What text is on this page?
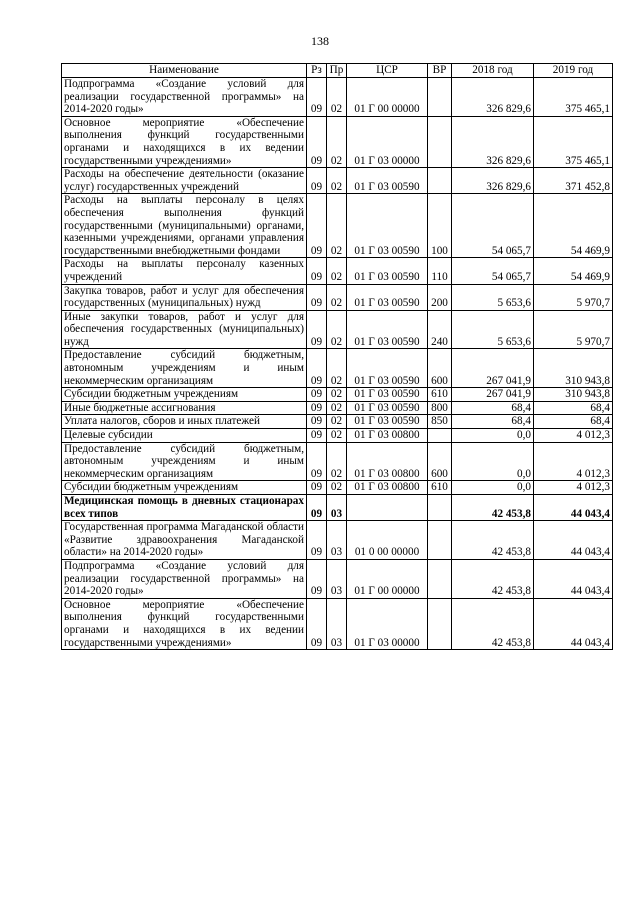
138
Наименование	Рз	Пр	ЦСР	ВР	2018 год	2019 год
Подпрограмма «Создание условий для реализации государственной программы» на 2014-2020 годы»	09	02	01 Г 00 00000		326 829,6	375 465,1
Основное мероприятие «Обеспечение выполнения функций государственными органами и находящихся в их ведении государственными учреждениями»	09	02	01 Г 03 00000		326 829,6	375 465,1
Расходы на обеспечение деятельности (оказание услуг) государственных учреждений	09	02	01 Г 03 00590		326 829,6	371 452,8
Расходы на выплаты персоналу в целях обеспечения выполнения функций государственными (муниципальными) органами, казенными учреждениями, органами управления государственными внебюджетными фондами	09	02	01 Г 03 00590	100	54 065,7	54 469,9
Расходы на выплаты персоналу казенных учреждений	09	02	01 Г 03 00590	110	54 065,7	54 469,9
Закупка товаров, работ и услуг для обеспечения государственных (муниципальных) нужд	09	02	01 Г 03 00590	200	5 653,6	5 970,7
Иные закупки товаров, работ и услуг для обеспечения государственных (муниципальных) нужд	09	02	01 Г 03 00590	240	5 653,6	5 970,7
Предоставление субсидий бюджетным, автономным учреждениям и иным некоммерческим организациям	09	02	01 Г 03 00590	600	267 041,9	310 943,8
Субсидии бюджетным учреждениям	09	02	01 Г 03 00590	610	267 041,9	310 943,8
Иные бюджетные ассигнования	09	02	01 Г 03 00590	800	68,4	68,4
Уплата налогов, сборов и иных платежей	09	02	01 Г 03 00590	850	68,4	68,4
Целевые субсидии	09	02	01 Г 03 00800		0,0	4 012,3
Предоставление субсидий бюджетным, автономным учреждениям и иным некоммерческим организациям	09	02	01 Г 03 00800	600	0,0	4 012,3
Субсидии бюджетным учреждениям	09	02	01 Г 03 00800	610	0,0	4 012,3
Медицинская помощь в дневных стационарах всех типов	09	03			42 453,8	44 043,4
Государственная программа Магаданской области «Развитие здравоохранения Магаданской области» на 2014-2020 годы»	09	03	01 0 00 00000		42 453,8	44 043,4
Подпрограмма «Создание условий для реализации государственной программы» на 2014-2020 годы»	09	03	01 Г 00 00000		42 453,8	44 043,4
Основное мероприятие «Обеспечение выполнения функций государственными органами и находящихся в их ведении государственными учреждениями»	09	03	01 Г 03 00000		42 453,8	44 043,4
